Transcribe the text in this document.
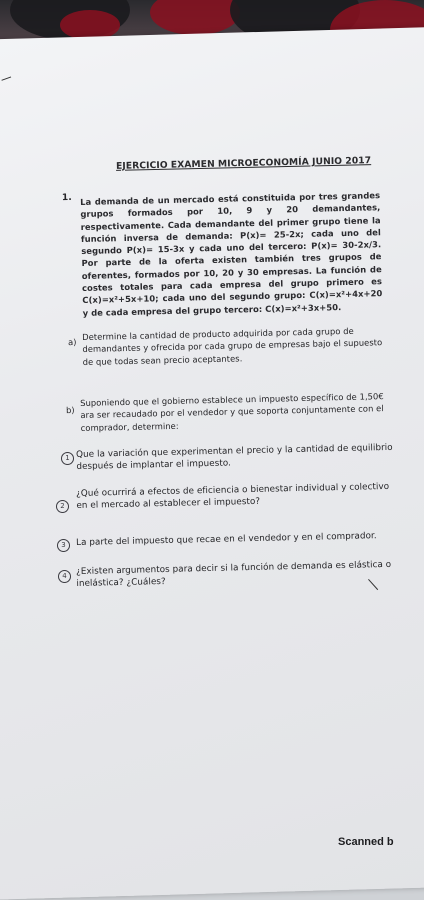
EJERCICIO EXAMEN MICROECONOMÍA JUNIO 2017
1. La demanda de un mercado está constituida por tres grandes grupos formados por 10, 9 y 20 demandantes, respectivamente. Cada demandante del primer grupo tiene la función inversa de demanda: P(x)= 25-2x; cada uno del segundo P(x)= 15-3x y cada uno del tercero: P(x)= 30-2x/3. Por parte de la oferta existen también tres grupos de oferentes, formados por 10, 20 y 30 empresas. La función de costes totales para cada empresa del grupo primero es C(x)=x²+5x+10; cada uno del segundo grupo: C(x)=x²+4x+20 y de cada empresa del grupo tercero: C(x)=x²+3x+50.
a)
Determine la cantidad de producto adquirida por cada grupo de demandantes y ofrecida por cada grupo de empresas bajo el supuesto de que todas sean precio aceptantes.
b)
Suponiendo que el gobierno establece un impuesto específico de 1,50€ ara ser recaudado por el vendedor y que soporta conjuntamente con el comprador, determine:
1 Que la variación que experimentan el precio y la cantidad de equilibrio después de implantar el impuesto.
2
¿Qué ocurrirá a efectos de eficiencia o bienestar individual y colectivo en el mercado al establecer el impuesto?
3	La parte del impuesto que recae en el vendedor y en el comprador.
4	¿Existen argumentos para decir si la función de demanda es elástica o inelástica? ¿Cuáles?
Scanned b
